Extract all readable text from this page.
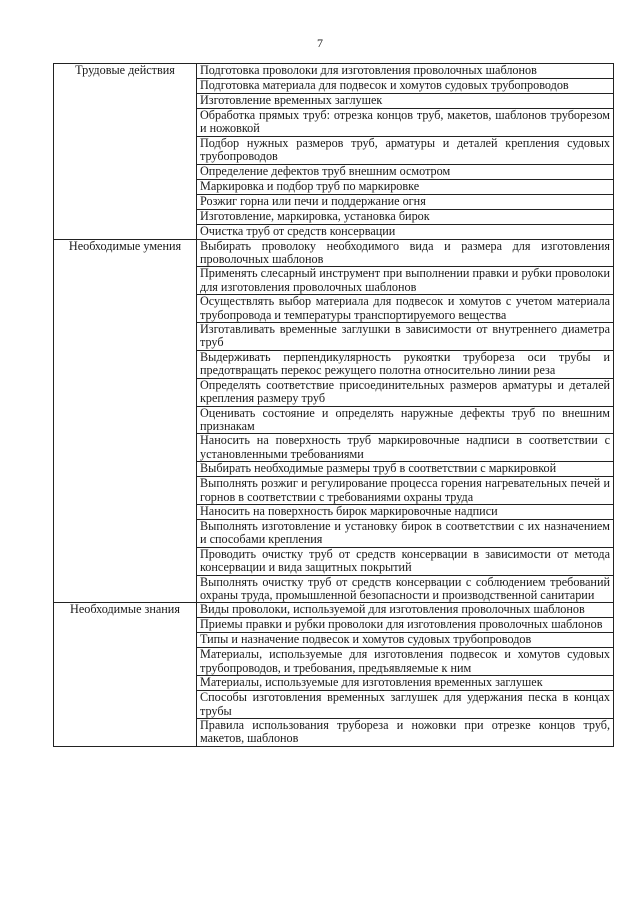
7
Трудовые действия	Подготовка проволоки для изготовления проволочных шаблонов
	Подготовка материала для подвесок и хомутов судовых трубопроводов
	Изготовление временных заглушек
	Обработка прямых труб: отрезка концов труб, макетов, шаблонов труборезом и ножовкой
	Подбор нужных размеров труб, арматуры и деталей крепления судовых трубопроводов
	Определение дефектов труб внешним осмотром
	Маркировка и подбор труб по маркировке
	Розжиг горна или печи и поддержание огня
	Изготовление, маркировка, установка бирок
	Очистка труб от средств консервации
Необходимые умения	Выбирать проволоку необходимого вида и размера для изготовления проволочных шаблонов
	Применять слесарный инструмент при выполнении правки и рубки проволоки для изготовления проволочных шаблонов
	Осуществлять выбор материала для подвесок и хомутов с учетом материала трубопровода и температуры транспортируемого вещества
	Изготавливать временные заглушки в зависимости от внутреннего диаметра труб
	Выдерживать перпендикулярность рукоятки трубореза оси трубы и предотвращать перекос режущего полотна относительно линии реза
	Определять соответствие присоединительных размеров арматуры и деталей крепления размеру труб
	Оценивать состояние и определять наружные дефекты труб по внешним признакам
	Наносить на поверхность труб маркировочные надписи в соответствии с установленными требованиями
	Выбирать необходимые размеры труб в соответствии с маркировкой
	Выполнять розжиг и регулирование процесса горения нагревательных печей и горнов в соответствии с требованиями охраны труда
	Наносить на поверхность бирок маркировочные надписи
	Выполнять изготовление и установку бирок в соответствии с их назначением и способами крепления
	Проводить очистку труб от средств консервации в зависимости от метода консервации и вида защитных покрытий
	Выполнять очистку труб от средств консервации с соблюдением требований охраны труда, промышленной безопасности и производственной санитарии
Необходимые знания	Виды проволоки, используемой для изготовления проволочных шаблонов
	Приемы правки и рубки проволоки для изготовления проволочных шаблонов
	Типы и назначение подвесок и хомутов судовых трубопроводов
	Материалы, используемые для изготовления подвесок и хомутов судовых трубопроводов, и требования, предъявляемые к ним
	Материалы, используемые для изготовления временных заглушек
	Способы изготовления временных заглушек для удержания песка в концах трубы
	Правила использования трубореза и ножовки при отрезке концов труб, макетов, шаблонов
